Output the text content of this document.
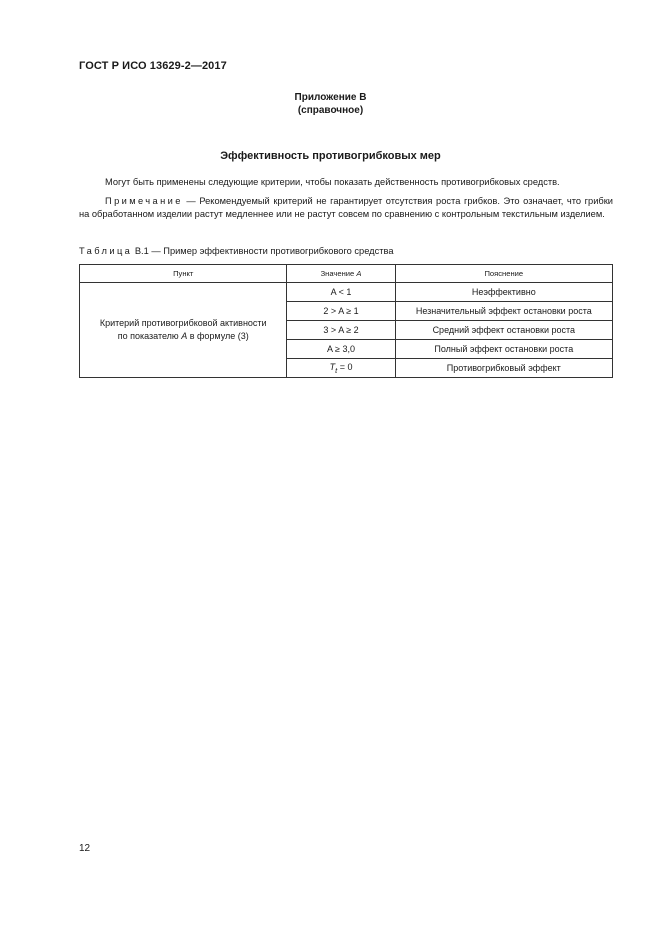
ГОСТ Р ИСО 13629-2—2017
Приложение В
(справочное)
Эффективность противогрибковых мер
Могут быть применены следующие критерии, чтобы показать действенность противогрибковых средств.
Примечание — Рекомендуемый критерий не гарантирует отсутствия роста грибков. Это означает, что грибки на обработанном изделии растут медленнее или не растут совсем по сравнению с контрольным текстильным изделием.
Таблица В.1 — Пример эффективности противогрибкового средства
Пункт	Значение A	Пояснение
Критерий противогрибковой активности
по показателю A в формуле (3)	A < 1	Неэффективно
	2 > A ≥ 1	Незначительный эффект остановки роста
	3 > A ≥ 2	Средний эффект остановки роста
	A ≥ 3,0	Полный эффект остановки роста
	$T_t = 0$	Противогрибковый эффект
12
